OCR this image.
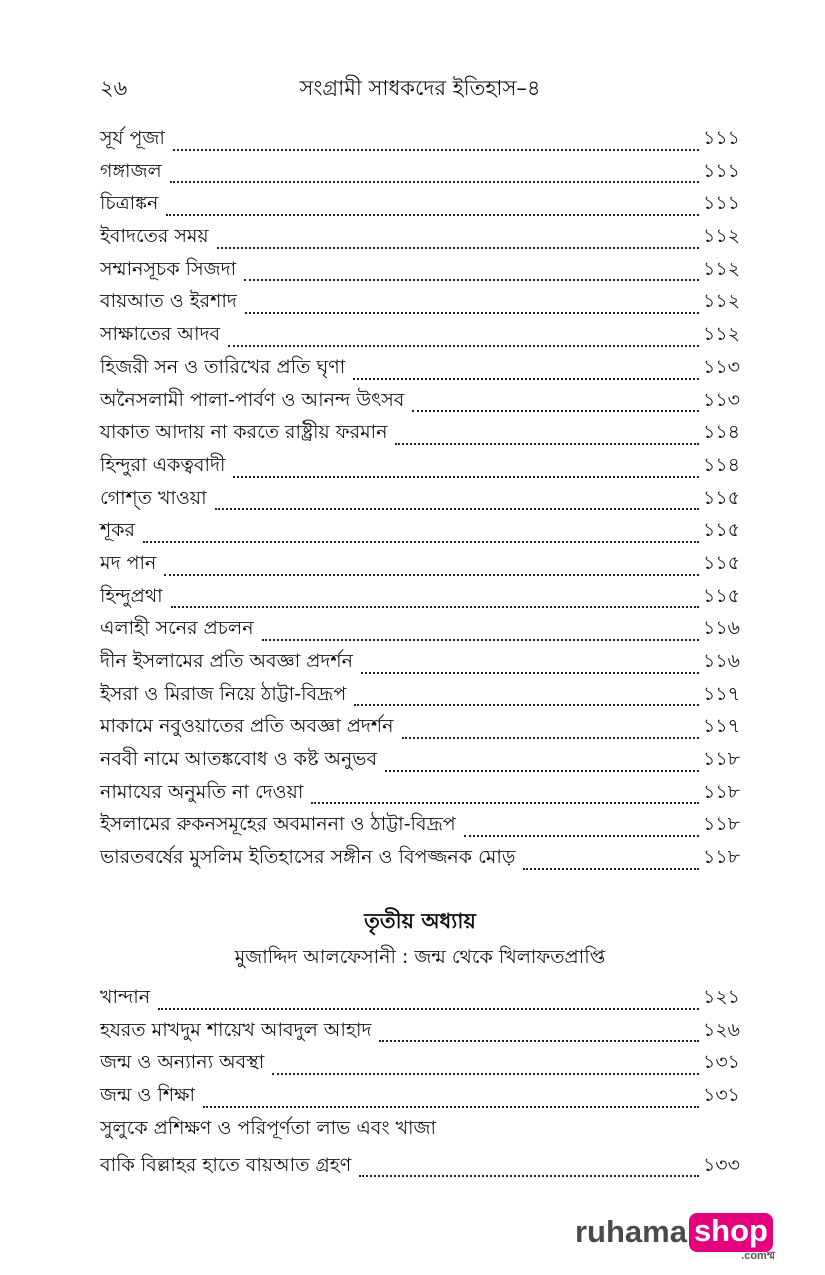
২৬	সংগ্রামী সাধকদের ইতিহাস–৪
সূর্য পূজা	১১১
গঙ্গাজল	১১১
চিত্রাঙ্কন	১১১
ইবাদতের সময়	১১২
সম্মানসূচক সিজদা	১১২
বায়আত ও ইরশাদ	১১২
সাক্ষাতের আদব	১১২
হিজরী সন ও তারিখের প্রতি ঘৃণা	১১৩
অনৈসলামী পালা-পার্বণ ও আনন্দ উৎসব	১১৩
যাকাত আদায় না করতে রাষ্ট্রীয় ফরমান	১১৪
হিন্দুরা একত্ববাদী	১১৪
গোশ্‌ত খাওয়া	১১৫
শূকর	১১৫
মদ পান	১১৫
হিন্দুপ্রথা	১১৫
এলাহী সনের প্রচলন	১১৬
দীন ইসলামের প্রতি অবজ্ঞা প্রদর্শন	১১৬
ইসরা ও মিরাজ নিয়ে ঠাট্টা-বিদ্রূপ	১১৭
মাকামে নবুওয়াতের প্রতি অবজ্ঞা প্রদর্শন	১১৭
নববী নামে আতঙ্কবোধ ও কষ্ট অনুভব	১১৮
নামাযের অনুমতি না দেওয়া	১১৮
ইসলামের রুকনসমূহের অবমাননা ও ঠাট্টা-বিদ্রূপ	১১৮
ভারতবর্ষের মুসলিম ইতিহাসের সঙ্গীন ও বিপজ্জনক মোড়	১১৮
তৃতীয় অধ্যায়
মুজাদ্দিদ আলফেসানী : জন্ম থেকে খিলাফতপ্রাপ্তি
খান্দান	১২১
হযরত মাখদুম শায়েখ আবদুল আহাদ	১২৬
জন্ম ও অন্যান্য অবস্থা	১৩১
জন্ম ও শিক্ষা	১৩১
সুলুকে প্রশিক্ষণ ও পরিপূর্ণতা লাভ এবং খাজা
বাকি বিল্লাহর হাতে বায়আত গ্রহণ	১৩৩
ruhama shop
.comম্ম
